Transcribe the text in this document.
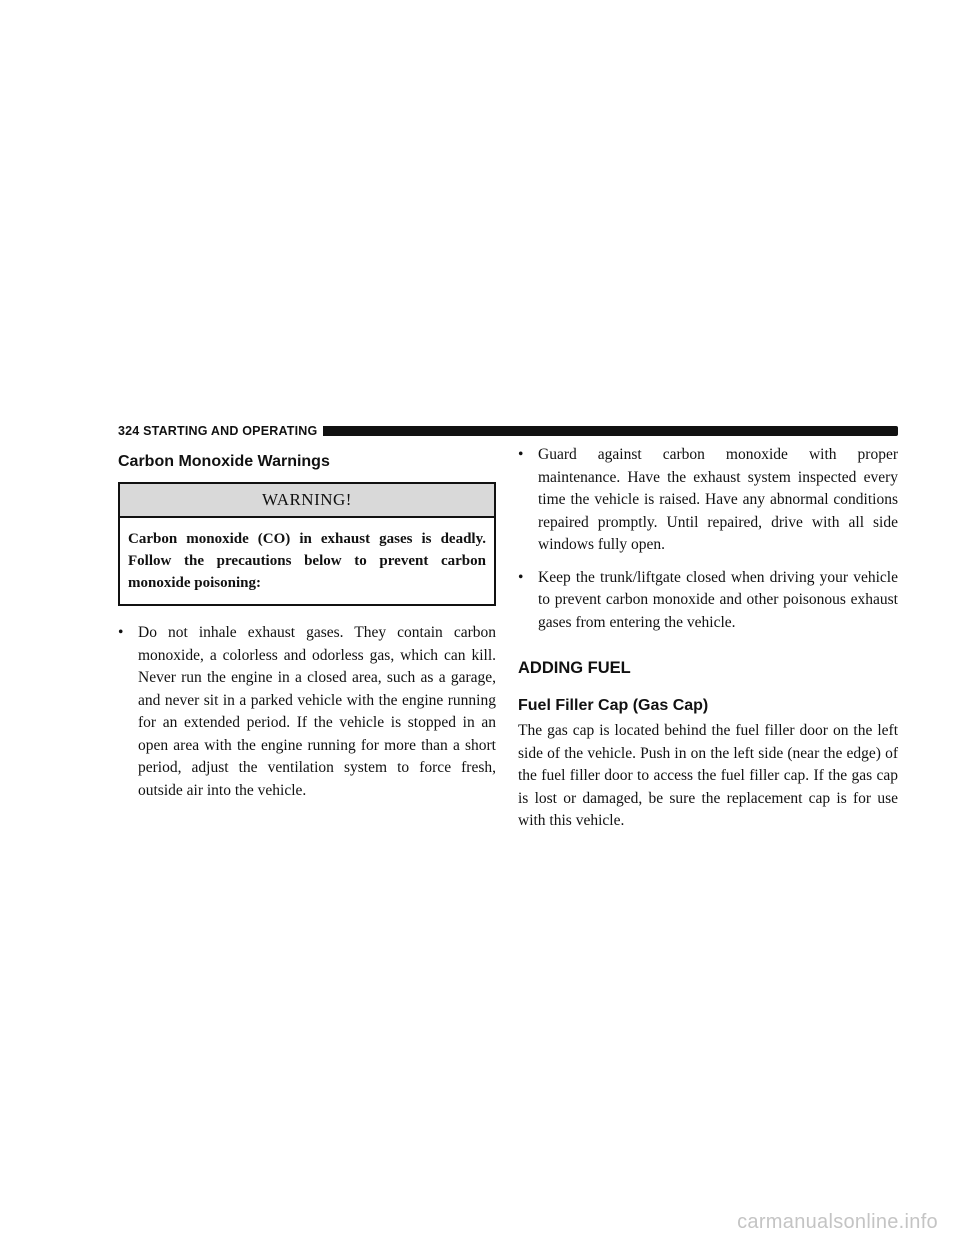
324 STARTING AND OPERATING
Carbon Monoxide Warnings
WARNING!
Carbon monoxide (CO) in exhaust gases is deadly. Follow the precautions below to prevent carbon monoxide poisoning:
• Do not inhale exhaust gases. They contain carbon monoxide, a colorless and odorless gas, which can kill. Never run the engine in a closed area, such as a garage, and never sit in a parked vehicle with the engine running for an extended period. If the vehicle is stopped in an open area with the engine running for more than a short period, adjust the ventilation system to force fresh, outside air into the vehicle.
• Guard against carbon monoxide with proper maintenance. Have the exhaust system inspected every time the vehicle is raised. Have any abnormal conditions repaired promptly. Until repaired, drive with all side windows fully open.
• Keep the trunk/liftgate closed when driving your vehicle to prevent carbon monoxide and other poisonous exhaust gases from entering the vehicle.
ADDING FUEL
Fuel Filler Cap (Gas Cap)

The gas cap is located behind the fuel filler door on the left side of the vehicle. Push in on the left side (near the edge) of the fuel filler door to access the fuel filler cap. If the gas cap is lost or damaged, be sure the replacement cap is for use with this vehicle.

carmanualsonline.info
